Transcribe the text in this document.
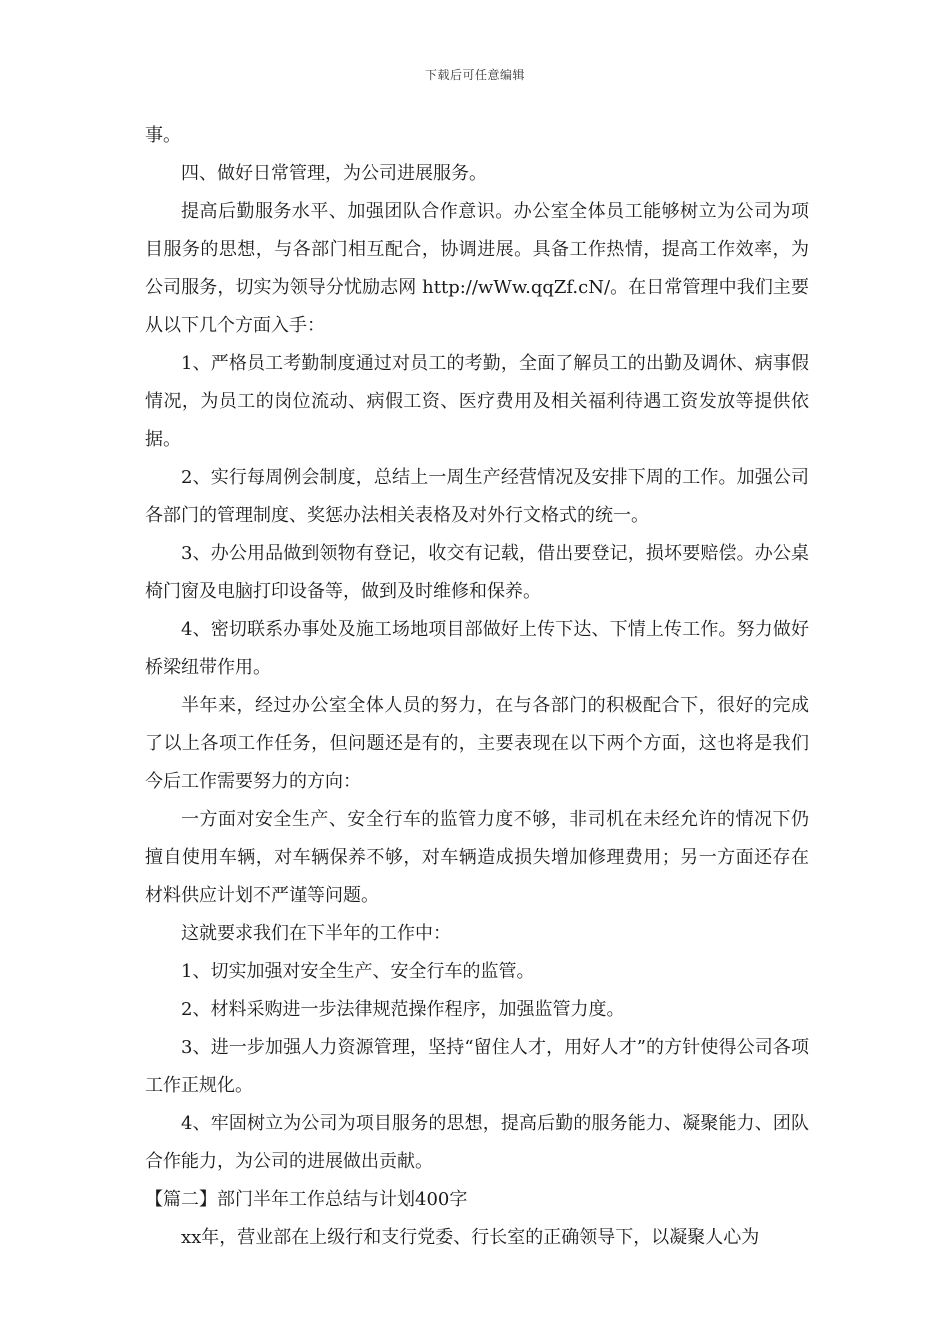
下载后可任意编辑

事。

四、做好日常管理，为公司进展服务。

提高后勤服务水平、加强团队合作意识。办公室全体员工能够树立为公司为项目服务的思想，与各部门相互配合，协调进展。具备工作热情，提高工作效率，为公司服务，切实为领导分忧励志网 http://wWw.qqZf.cN/。在日常管理中我们主要从以下几个方面入手：

1、严格员工考勤制度通过对员工的考勤，全面了解员工的出勤及调休、病事假情况，为员工的岗位流动、病假工资、医疗费用及相关福利待遇工资发放等提供依据。

2、实行每周例会制度，总结上一周生产经营情况及安排下周的工作。加强公司各部门的管理制度、奖惩办法相关表格及对外行文格式的统一。

3、办公用品做到领物有登记，收交有记载，借出要登记，损坏要赔偿。办公桌椅门窗及电脑打印设备等，做到及时维修和保养。

4、密切联系办事处及施工场地项目部做好上传下达、下情上传工作。努力做好桥梁纽带作用。

半年来，经过办公室全体人员的努力，在与各部门的积极配合下，很好的完成了以上各项工作任务，但问题还是有的，主要表现在以下两个方面，这也将是我们今后工作需要努力的方向：

一方面对安全生产、安全行车的监管力度不够，非司机在未经允许的情况下仍擅自使用车辆，对车辆保养不够，对车辆造成损失增加修理费用；另一方面还存在材料供应计划不严谨等问题。

这就要求我们在下半年的工作中：

1、切实加强对安全生产、安全行车的监管。

2、材料采购进一步法律规范操作程序，加强监管力度。

3、进一步加强人力资源管理，坚持“留住人才，用好人才”的方针使得公司各项工作正规化。

4、牢固树立为公司为项目服务的思想，提高后勤的服务能力、凝聚能力、团队合作能力，为公司的进展做出贡献。

【篇二】部门半年工作总结与计划400字

xx年，营业部在上级行和支行党委、行长室的正确领导下，以凝聚人心为
